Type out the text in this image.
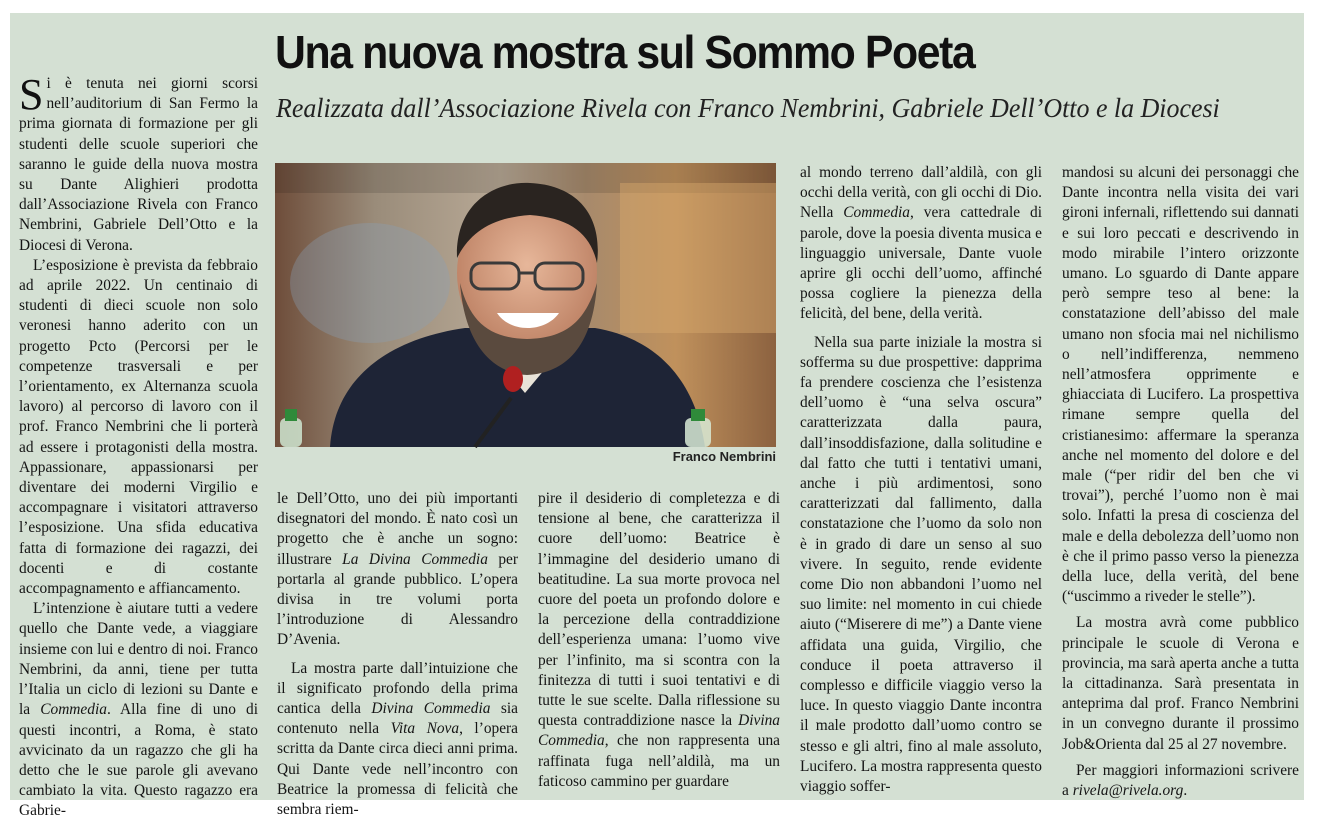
Una nuova mostra sul Sommo Poeta
Realizzata dall’Associazione Rivela con Franco Nembrini, Gabriele Dell’Otto e la Diocesi

Si è tenuta nei giorni scorsi nell’auditorium di San Fermo la prima giornata di formazione per gli studenti delle scuole superiori che saranno le guide della nuova mostra su Dante Alighieri prodotta dall’Associazione Rivela con Franco Nembrini, Gabriele Dell’Otto e la Diocesi di Verona.

L’esposizione è prevista da febbraio ad aprile 2022. Un centinaio di studenti di dieci scuole non solo veronesi hanno aderito con un progetto Pcto (Percorsi per le competenze trasversali e per l’orientamento, ex Alternanza scuola lavoro) al percorso di lavoro con il prof. Franco Nembrini che li porterà ad essere i protagonisti della mostra. Appassionare, appassionarsi per diventare dei moderni Virgilio e accompagnare i visitatori attraverso l’esposizione. Una sfida educativa fatta di formazione dei ragazzi, dei docenti e di costante accompagnamento e affiancamento.

L’intenzione è aiutare tutti a vedere quello che Dante vede, a viaggiare insieme con lui e dentro di noi. Franco Nembrini, da anni, tiene per tutta l’Italia un ciclo di lezioni su Dante e la Commedia. Alla fine di uno di questi incontri, a Roma, è stato avvicinato da un ragazzo che gli ha detto che le sue parole gli avevano cambiato la vita. Questo ragazzo era Gabrie-

Franco Nembrini

le Dell’Otto, uno dei più importanti disegnatori del mondo. È nato così un progetto che è anche un sogno: illustrare La Divina Commedia per portarla al grande pubblico. L’opera divisa in tre volumi porta l’introduzione di Alessandro D’Avenia.

La mostra parte dall’intuizione che il significato profondo della prima cantica della Divina Commedia sia contenuto nella Vita Nova, l’opera scritta da Dante circa dieci anni prima. Qui Dante vede nell’incontro con Beatrice la promessa di felicità che sembra riem-

pire il desiderio di completezza e di tensione al bene, che caratterizza il cuore dell’uomo: Beatrice è l’immagine del desiderio umano di beatitudine. La sua morte provoca nel cuore del poeta un profondo dolore e la percezione della contraddizione dell’esperienza umana: l’uomo vive per l’infinito, ma si scontra con la finitezza di tutti i suoi tentativi e di tutte le sue scelte. Dalla riflessione su questa contraddizione nasce la Divina Commedia, che non rappresenta una raffinata fuga nell’aldilà, ma un faticoso cammino per guardare

al mondo terreno dall’aldilà, con gli occhi della verità, con gli occhi di Dio. Nella Commedia, vera cattedrale di parole, dove la poesia diventa musica e linguaggio universale, Dante vuole aprire gli occhi dell’uomo, affinché possa cogliere la pienezza della felicità, del bene, della verità.

Nella sua parte iniziale la mostra si sofferma su due prospettive: dapprima fa prendere coscienza che l’esistenza dell’uomo è “una selva oscura” caratterizzata dalla paura, dall’insoddisfazione, dalla solitudine e dal fatto che tutti i tentativi umani, anche i più ardimentosi, sono caratterizzati dal fallimento, dalla constatazione che l’uomo da solo non è in grado di dare un senso al suo vivere. In seguito, rende evidente come Dio non abbandoni l’uomo nel suo limite: nel momento in cui chiede aiuto (“Miserere di me”) a Dante viene affidata una guida, Virgilio, che conduce il poeta attraverso il complesso e difficile viaggio verso la luce. In questo viaggio Dante incontra il male prodotto dall’uomo contro se stesso e gli altri, fino al male assoluto, Lucifero. La mostra rappresenta questo viaggio soffer-

mandosi su alcuni dei personaggi che Dante incontra nella visita dei vari gironi infernali, riflettendo sui dannati e sui loro peccati e descrivendo in modo mirabile l’intero orizzonte umano. Lo sguardo di Dante appare però sempre teso al bene: la constatazione dell’abisso del male umano non sfocia mai nel nichilismo o nell’indifferenza, nemmeno nell’atmosfera opprimente e ghiacciata di Lucifero. La prospettiva rimane sempre quella del cristianesimo: affermare la speranza anche nel momento del dolore e del male (“per ridir del ben che vi trovai”), perché l’uomo non è mai solo. Infatti la presa di coscienza del male e della debolezza dell’uomo non è che il primo passo verso la pienezza della luce, della verità, del bene (“uscimmo a riveder le stelle”).

La mostra avrà come pubblico principale le scuole di Verona e provincia, ma sarà aperta anche a tutta la cittadinanza. Sarà presentata in anteprima dal prof. Franco Nembrini in un convegno durante il prossimo Job&Orienta dal 25 al 27 novembre.

Per maggiori informazioni scrivere a rivela@rivela.org.
